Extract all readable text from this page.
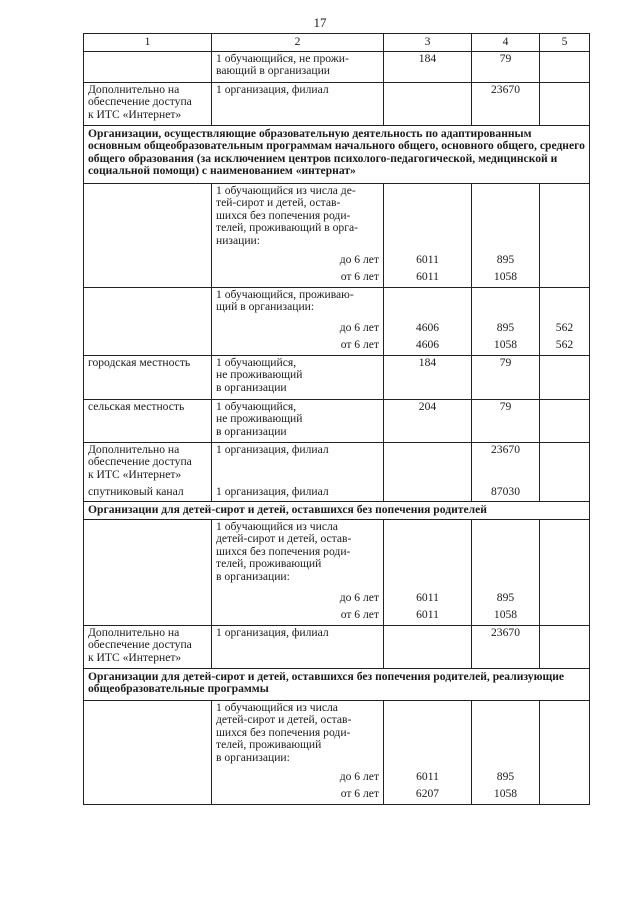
17
1	2	3	4	5
	1 обучающийся, не прожи-
вающий в организации	184	79	
Дополнительно на
обеспечение доступа
к ИТС «Интернет»	1 организация, филиал		23670	
Организации, осуществляющие образовательную деятельность по адаптированным основным общеобразовательным программам начального общего, основного общего, среднего общего образования (за исключением центров психолого-педагогической, медицинской и социальной помощи) с наименованием «интернат»				
	1 обучающийся из числа де-
тей-сирот и детей, остав-
шихся без попечения роди-
телей, проживающий в орга-
низации:			
	до 6 лет	6011	895	
	от 6 лет	6011	1058	
	1 обучающийся, проживаю-
щий в организации:			
	до 6 лет	4606	895	562
	от 6 лет	4606	1058	562
городская местность	1 обучающийся,
не проживающий
в организации	184	79	
сельская местность	1 обучающийся,
не проживающий
в организации	204	79	
Дополнительно на
обеспечение доступа
к ИТС «Интернет»	1 организация, филиал		23670	
спутниковый канал	1 организация, филиал		87030	
Организации для детей-сирот и детей, оставшихся без попечения родителей				
	1 обучающийся из числа
детей-сирот и детей, остав-
шихся без попечения роди-
телей, проживающий
в организации:			
	до 6 лет	6011	895	
	от 6 лет	6011	1058	
Дополнительно на
обеспечение доступа
к ИТС «Интернет»	1 организация, филиал		23670	
Организации для детей-сирот и детей, оставшихся без попечения родителей, реализующие общеобразовательные программы				
	1 обучающийся из числа
детей-сирот и детей, остав-
шихся без попечения роди-
телей, проживающий
в организации:			
	до 6 лет	6011	895	
	от 6 лет	6207	1058	
